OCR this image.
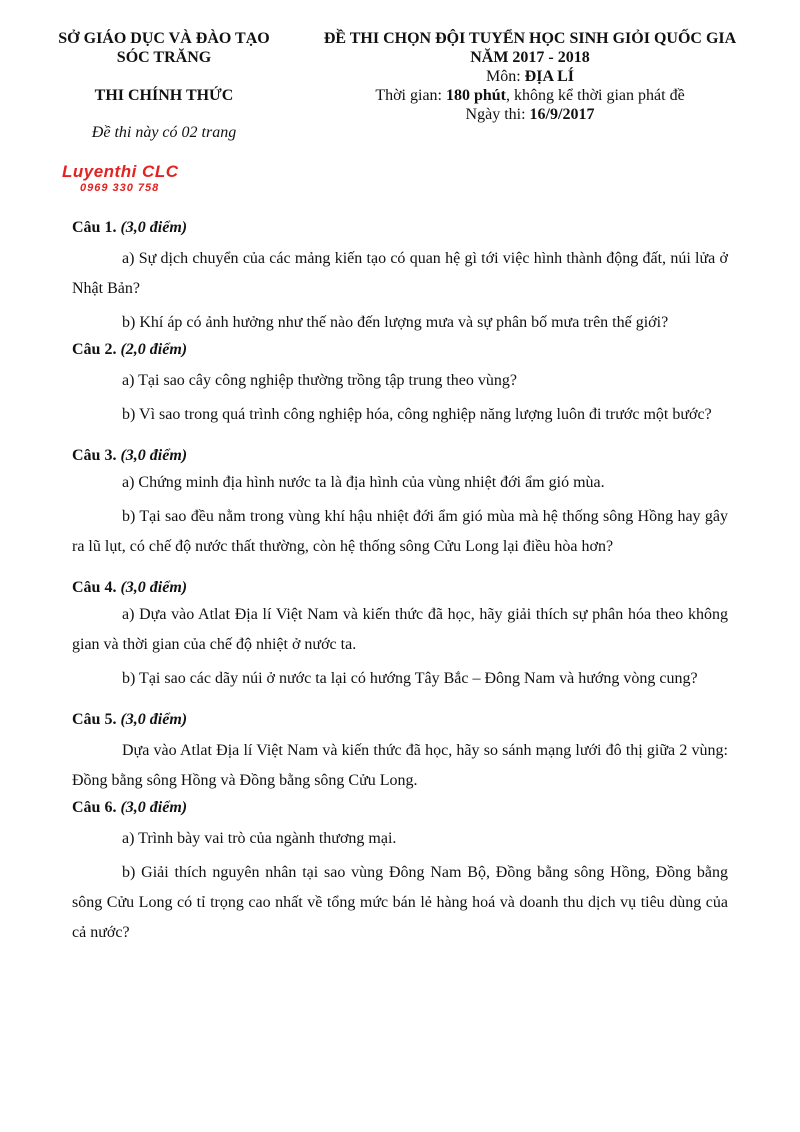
SỞ GIÁO DỤC VÀ ĐÀO TẠO
SÓC TRĂNG
THI CHÍNH THỨC
Đề thi này có 02 trang
ĐỀ THI CHỌN ĐỘI TUYỂN HỌC SINH GIỎI QUỐC GIA
NĂM 2017 - 2018
Môn: ĐỊA LÍ
Thời gian: 180 phút, không kể thời gian phát đề
Ngày thi: 16/9/2017
Luyenthi CLC
0969 330 758

Câu 1. (3,0 điểm)

a) Sự dịch chuyển của các mảng kiến tạo có quan hệ gì tới việc hình thành động đất, núi lửa ở Nhật Bản?

b) Khí áp có ảnh hưởng như thế nào đến lượng mưa và sự phân bố mưa trên thế giới?

Câu 2. (2,0 điểm)

a) Tại sao cây công nghiệp thường trồng tập trung theo vùng?

b) Vì sao trong quá trình công nghiệp hóa, công nghiệp năng lượng luôn đi trước một bước?

Câu 3. (3,0 điểm)

a) Chứng minh địa hình nước ta là địa hình của vùng nhiệt đới ẩm gió mùa.

b) Tại sao đều nằm trong vùng khí hậu nhiệt đới ẩm gió mùa mà hệ thống sông Hồng hay gây ra lũ lụt, có chế độ nước thất thường, còn hệ thống sông Cửu Long lại điều hòa hơn?

Câu 4. (3,0 điểm)

a) Dựa vào Atlat Địa lí Việt Nam và kiến thức đã học, hãy giải thích sự phân hóa theo không gian và thời gian của chế độ nhiệt ở nước ta.

b) Tại sao các dãy núi ở nước ta lại có hướng Tây Bắc – Đông Nam và hướng vòng cung?

Câu 5. (3,0 điểm)

Dựa vào Atlat Địa lí Việt Nam và kiến thức đã học, hãy so sánh mạng lưới đô thị giữa 2 vùng: Đồng bằng sông Hồng và Đồng bằng sông Cửu Long.

Câu 6. (3,0 điểm)

a) Trình bày vai trò của ngành thương mại.

b) Giải thích nguyên nhân tại sao vùng Đông Nam Bộ, Đồng bằng sông Hồng, Đồng bằng sông Cửu Long có tỉ trọng cao nhất về tổng mức bán lẻ hàng hoá và doanh thu dịch vụ tiêu dùng của cả nước?
